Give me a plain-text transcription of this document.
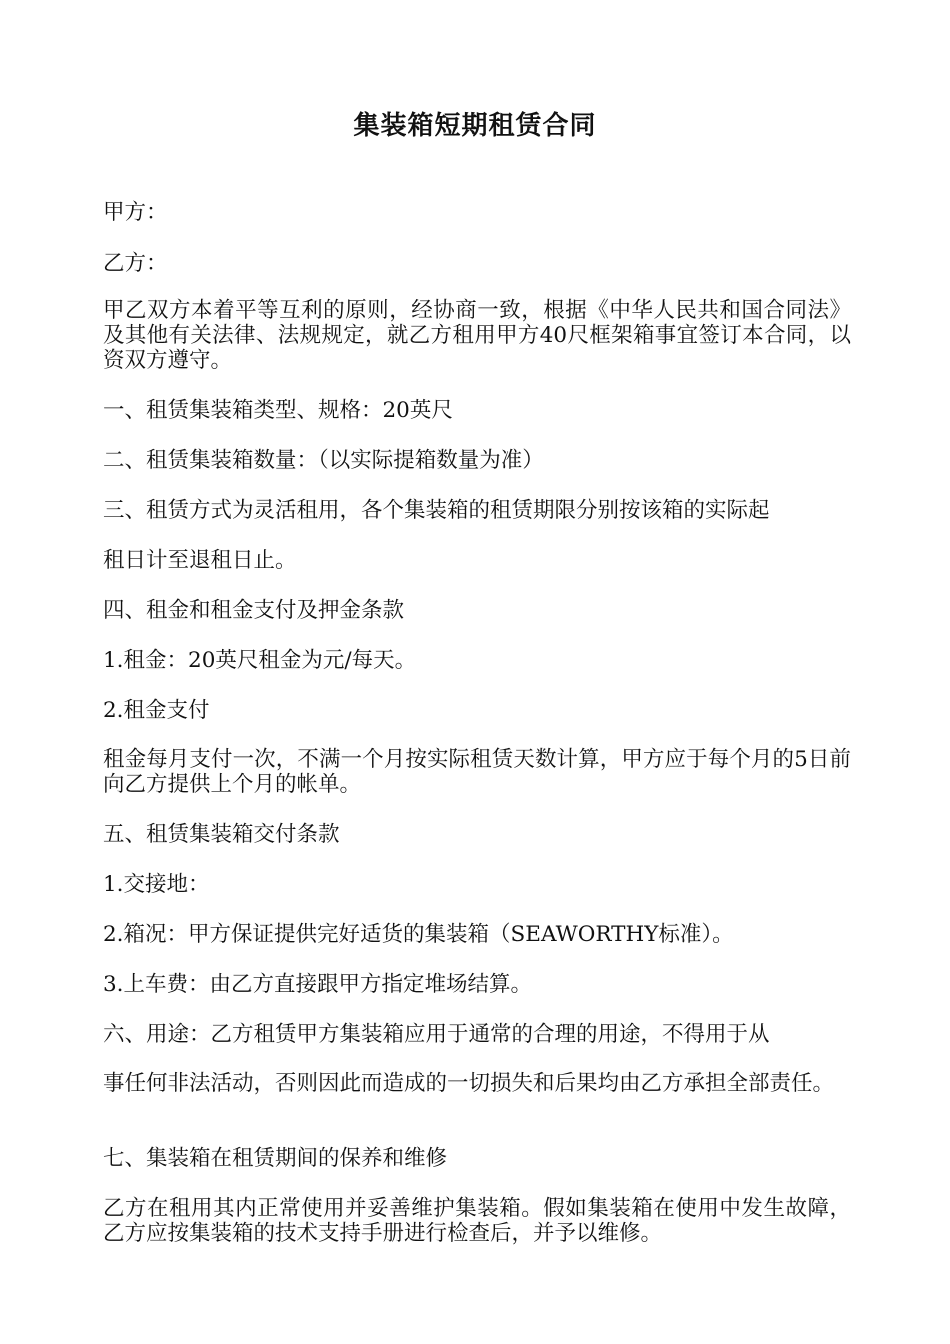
集装箱短期租赁合同
甲方：
乙方：
甲乙双方本着平等互利的原则，经协商一致，根据《中华人民共和国合同法》及其他有关法律、法规规定，就乙方租用甲方40尺框架箱事宜签订本合同，以资双方遵守。
一、租赁集装箱类型、规格：20英尺
二、租赁集装箱数量：（以实际提箱数量为准）
三、租赁方式为灵活租用，各个集装箱的租赁期限分别按该箱的实际起
租日计至退租日止。
四、租金和租金支付及押金条款
1.租金：20英尺租金为元/每天。
2.租金支付
租金每月支付一次，不满一个月按实际租赁天数计算，甲方应于每个月的5日前向乙方提供上个月的帐单。
五、租赁集装箱交付条款
1.交接地：
2.箱况：甲方保证提供完好适货的集装箱（SEAWORTHY标准）。
3.上车费：由乙方直接跟甲方指定堆场结算。
六、用途：乙方租赁甲方集装箱应用于通常的合理的用途，不得用于从
事任何非法活动，否则因此而造成的一切损失和后果均由乙方承担全部责任。
七、集装箱在租赁期间的保养和维修
乙方在租用其内正常使用并妥善维护集装箱。假如集装箱在使用中发生故障，乙方应按集装箱的技术支持手册进行检查后，并予以维修。
